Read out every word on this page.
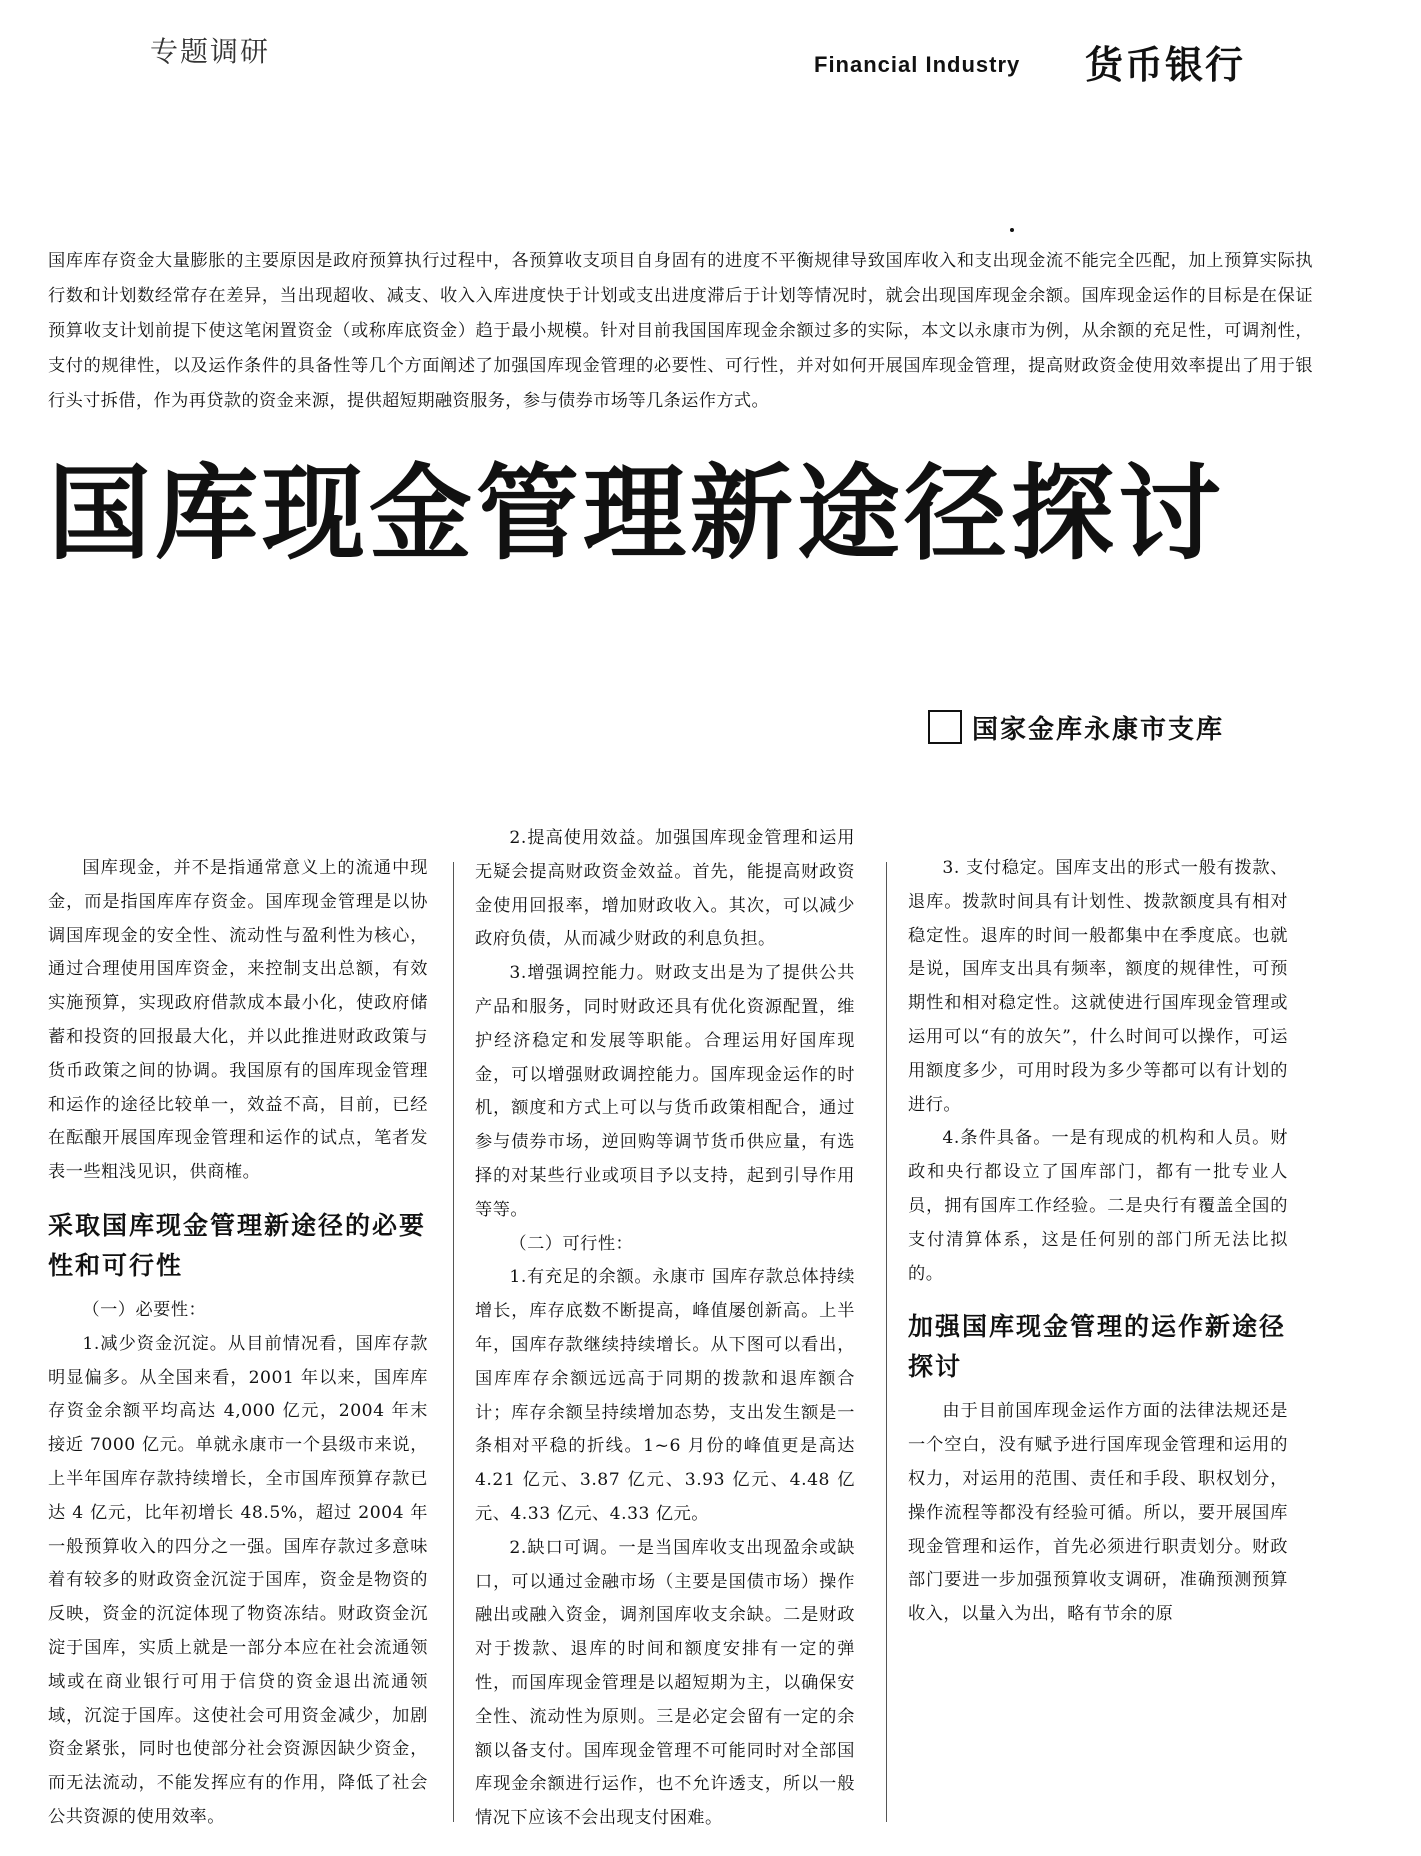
专题调研	Financial Industry 货币银行
国库库存资金大量膨胀的主要原因是政府预算执行过程中，各预算收支项目自身固有的进度不平衡规律导致国库收入和支出现金流不能完全匹配，加上预算实际执行数和计划数经常存在差异，当出现超收、减支、收入入库进度快于计划或支出进度滞后于计划等情况时，就会出现国库现金余额。国库现金运作的目标是在保证预算收支计划前提下使这笔闲置资金（或称库底资金）趋于最小规模。针对目前我国国库现金余额过多的实际，本文以永康市为例，从余额的充足性，可调剂性，支付的规律性，以及运作条件的具备性等几个方面阐述了加强国库现金管理的必要性、可行性，并对如何开展国库现金管理，提高财政资金使用效率提出了用于银行头寸拆借，作为再贷款的资金来源，提供超短期融资服务，参与债券市场等几条运作方式。
国库现金管理新途径探讨
国家金库永康市支库

国库现金，并不是指通常意义上的流通中现金，而是指国库库存资金。国库现金管理是以协调国库现金的安全性、流动性与盈利性为核心，通过合理使用国库资金，来控制支出总额，有效实施预算，实现政府借款成本最小化，使政府储蓄和投资的回报最大化，并以此推进财政政策与货币政策之间的协调。我国原有的国库现金管理和运作的途径比较单一，效益不高，目前，已经在酝酿开展国库现金管理和运作的试点，笔者发表一些粗浅见识，供商榷。

采取国库现金管理新途径的必要性和可行性

（一）必要性：

1.减少资金沉淀。从目前情况看，国库存款明显偏多。从全国来看，2001 年以来，国库库存资金余额平均高达 4,000 亿元，2004 年末接近 7000 亿元。单就永康市一个县级市来说，上半年国库存款持续增长，全市国库预算存款已达 4 亿元，比年初增长 48.5%，超过 2004 年一般预算收入的四分之一强。国库存款过多意味着有较多的财政资金沉淀于国库，资金是物资的反映，资金的沉淀体现了物资冻结。财政资金沉淀于国库，实质上就是一部分本应在社会流通领域或在商业银行可用于信贷的资金退出流通领域，沉淀于国库。这使社会可用资金减少，加剧资金紧张，同时也使部分社会资源因缺少资金，而无法流动，不能发挥应有的作用，降低了社会公共资源的使用效率。

2.提高使用效益。加强国库现金管理和运用无疑会提高财政资金效益。首先，能提高财政资金使用回报率，增加财政收入。其次，可以减少政府负债，从而减少财政的利息负担。

3.增强调控能力。财政支出是为了提供公共产品和服务，同时财政还具有优化资源配置，维护经济稳定和发展等职能。合理运用好国库现金，可以增强财政调控能力。国库现金运作的时机，额度和方式上可以与货币政策相配合，通过参与债券市场，逆回购等调节货币供应量，有选择的对某些行业或项目予以支持，起到引导作用等等。

（二）可行性：

1.有充足的余额。永康市 国库存款总体持续增长，库存底数不断提高，峰值屡创新高。上半年，国库存款继续持续增长。从下图可以看出，国库库存余额远远高于同期的拨款和退库额合计；库存余额呈持续增加态势，支出发生额是一条相对平稳的折线。1~6 月份的峰值更是高达 4.21 亿元、3.87 亿元、3.93 亿元、4.48 亿元、4.33 亿元、4.33 亿元。

2.缺口可调。一是当国库收支出现盈余或缺口，可以通过金融市场（主要是国债市场）操作融出或融入资金，调剂国库收支余缺。二是财政对于拨款、退库的时间和额度安排有一定的弹性，而国库现金管理是以超短期为主，以确保安全性、流动性为原则。三是必定会留有一定的余额以备支付。国库现金管理不可能同时对全部国库现金余额进行运作，也不允许透支，所以一般情况下应该不会出现支付困难。

3. 支付稳定。国库支出的形式一般有拨款、退库。拨款时间具有计划性、拨款额度具有相对稳定性。退库的时间一般都集中在季度底。也就是说，国库支出具有频率，额度的规律性，可预期性和相对稳定性。这就使进行国库现金管理或运用可以“有的放矢”，什么时间可以操作，可运用额度多少，可用时段为多少等都可以有计划的进行。

4.条件具备。一是有现成的机构和人员。财政和央行都设立了国库部门，都有一批专业人员，拥有国库工作经验。二是央行有覆盖全国的支付清算体系，这是任何别的部门所无法比拟的。

加强国库现金管理的运作新途径探讨

由于目前国库现金运作方面的法律法规还是一个空白，没有赋予进行国库现金管理和运用的权力，对运用的范围、责任和手段、职权划分，操作流程等都没有经验可循。所以，要开展国库现金管理和运作，首先必须进行职责划分。财政部门要进一步加强预算收支调研，准确预测预算收入，以量入为出，略有节余的原
